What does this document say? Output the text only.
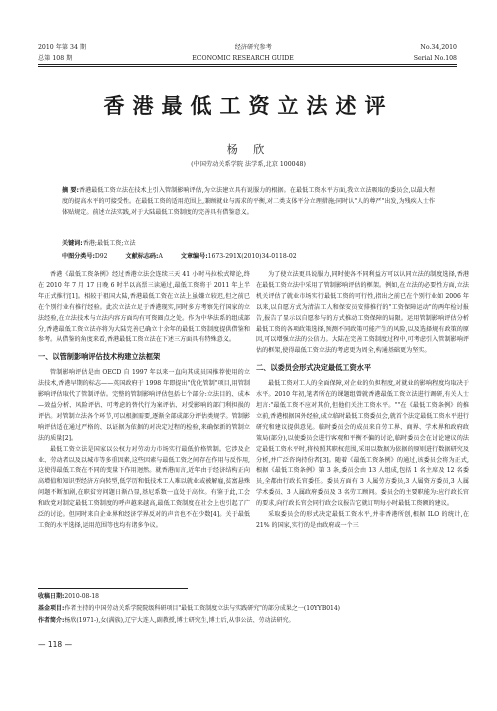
2010 年第 34 期	经济研究参考	No.34,2010
总第 108 期	ECONOMIC RESEARCH GUIDE	Serial No.108
香港最低工资立法述评
杨 欣
(中国劳动关系学院 法学系,北京 100048)
摘 要:香港最低工资立法在技术上引入管制影响评估,为立法建立具有说服力的根据。在最低工资水平方面,我立立法吸取的委员会,以最大程度的提高水平的可接受性。在最低工资的适用范围上,兼顾就业与需求的平衡,对二类支体平分立理措施;同时认"人的尊严"出发,为残疾人士作体贴规定。前述立法实践,对于大陆最低工资制度的完善具有借鉴意义。
关键词:香港;最低工资;立法
中图分类号:D92	文献标志码:A	文章编号:1673-291X(2010)34-0118-02

香港《最低工资条例》经过香港立法会连续三天 41 小时马拉松式辩论,终在 2010 年 7 月 17 日晚 6 时半以高票三读通过,最低工资将于 2011 年上半年正式推行[1]。相较于祖国大陆,香港最低工资在立法上虽嫌立较迟,但之前已在个别行业有推行经验。此次立法立足于香港现实,同时多方考察先行国家的立法经验,在立法技术与立法内容方面均有可资圈点之处。作为中华法系的组成部分,香港最低工资立法亦将为大陆完善已确立十余年的最低工资制度提供借鉴和参考。从借鉴的角度来看,香港最低工资立法在下述三方面具有特殊意义。

一、以管制影响评估技术构建立法框架

管制影响评估是由 OECD 自 1997 年以来一直向其成员国推荐使用的立法技术,香港早期的标志——英国政府于 1998 年即提出"优化管制"项目,用管制影响评估取代了管制评估。完整的管制影响评估包括七个部分:立法目的、成本—效益分析、风险评估、可考虑的替代行为案评估、对受影响的部门利担损的评估。对管制立法各个环节,可以根据需要,逐渐全部成部分评估类规学。管制影响评估适在通过严格的、以证据为依据的对决定过程的检验,来确保新的管制立法的质量[2]。

最低工资立法是国家以公权力对劳动力市场实行最低价格管制。它涉及企业、劳动者以及以城市等多重因素,这些因素与最低工资之间存在作用与反作用,这使得最低工资在不同的变量下作用迥然。就香港而言,近年由于经济结构正向高增值和知识型经济方向转型,低学历和低技术工人难以就业或被解雇,贫富悬殊问题不断加剧,在职贫穷问题日渐凸显,基尼系数一直处于高位。有鉴于此,工会和政党对制定最低工资制度的呼声越来越高,最低工资制度在社会上也引起了广泛的讨论。但同时来自企业界和经济学界反对的声音也不在少数[4]。关于最低工资的水平选择,运用范围等也均有诸多争议。

为了使立法更具说服力,同时使各不同利益方可以认同立法的制度选择,香港在最低工资立法中采用了管制影响评估的框架。例如,在立法的必要性方面,立法机关评估了就业市场实行最低工资的可行性,指出之前已在个别行业如 2006 年以来,以自愿方式为清洁工人和保安员安排推行的"工资保障运动"的两年检讨报告,报告了显示以自愿参与的方式推动工资保障的局限。运用管制影响评估分析最低工资的各项政策选择,预测不同政策可能产生的风险,以及选择规有政策的原因,可以增强立法的公信力。大陆在完善工资制度过程中,可考虑引入管制影响评估的框架,使得最低工资立法的考虑更为周全,构通基础更为坚实。

二、以委员会形式决定最低工资水平

最低工资对工人的全面保障,对企业的负担程度,对就业的影响程度均取决于水平。2010 年初,笔者所在的课题组曾就香港最低工资立法进行调研,有关人士坦言:"最低工资不应对其价,但他们关注工资水平。""在《最低工资条例》的推立前,香港根据国外经验,成立临时最低工资委员会,就首个法定最低工资水平进行研究和建议提供意见。临时委员会的成员来自劳工界、商界、学术界和政府政策局(部分),以使委员会进行客观和平衡不偏的讨论,临时委员会在讨论建议的法定最低工资水平时,将按照其职权范围,采用以数据为依据的原则进行数据研究及分析,并广泛咨询持份者[3]。随着《最低工资条例》的通过,该委员会将为正式,根据《最低工资条例》第 3 条,委员会由 13 人组成,包括 1 名主席及 12 名委员,全都由行政长官委任。委员方面有 3 人属劳方委员,3 人属资方委员,3 人属学术委员、3 人属政府委员及 3 名劳工顾问。委员会的主要职能为:应行政长官的要求,向行政长官会同行政会议报告它就订明每小时最低工资额的建议。

采取委员会的形式决定最低工资水平,并非香港所创,根据 ILO 的统计,在 21% 的国家,实行的是由政府或一个三

收稿日期:2010-08-18
基金项目:作者主持的中国劳动关系学院院级科研项目"最低工资制度立法与实践研究"的部分成果之一(10YYB014)
作者简介:杨欣(1971-),女(满族),辽宁大连人,副教授,博士研究生,博士后,从事公法、劳动法研究。
— 118 —
